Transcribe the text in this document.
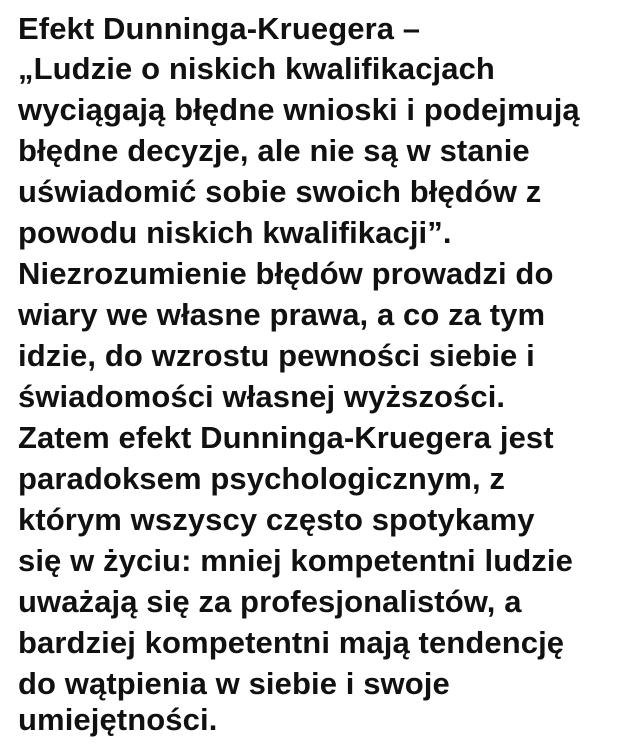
Efekt Dunninga-Kruegera –
„Ludzie o niskich kwalifikacjach
wyciągają błędne wnioski i podejmują
błędne decyzje, ale nie są w stanie
uświadomić sobie swoich błędów z
powodu niskich kwalifikacji”.
Niezrozumienie błędów prowadzi do
wiary we własne prawa, a co za tym
idzie, do wzrostu pewności siebie i
świadomości własnej wyższości.
Zatem efekt Dunninga-Kruegera jest
paradoksem psychologicznym, z
którym wszyscy często spotykamy
się w życiu: mniej kompetentni ludzie
uważają się za profesjonalistów, a
bardziej kompetentni mają tendencję
do wątpienia w siebie i swoje
umiejętności.
